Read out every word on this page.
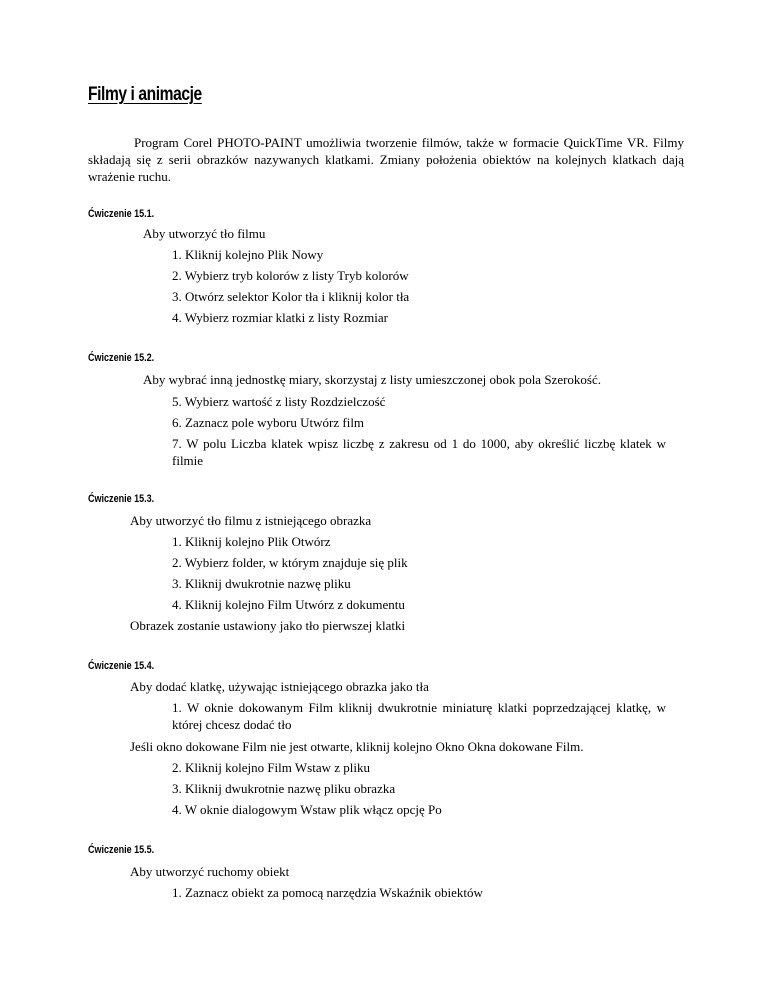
Filmy i animacje
Program Corel PHOTO-PAINT umożliwia tworzenie filmów, także w formacie QuickTime VR. Filmy składają się z serii obrazków nazywanych klatkami. Zmiany położenia obiektów na kolejnych klatkach dają wrażenie ruchu.
Ćwiczenie 15.1.
Aby utworzyć tło filmu
1. Kliknij kolejno Plik Nowy
2. Wybierz tryb kolorów z listy Tryb kolorów
3. Otwórz selektor Kolor tła i kliknij kolor tła
4. Wybierz rozmiar klatki z listy Rozmiar
Ćwiczenie 15.2.
Aby wybrać inną jednostkę miary, skorzystaj z listy umieszczonej obok pola Szerokość.
5. Wybierz wartość z listy Rozdzielczość
6. Zaznacz pole wyboru Utwórz film
7. W polu Liczba klatek wpisz liczbę z zakresu od 1 do 1000, aby określić liczbę klatek w filmie
Ćwiczenie 15.3.
Aby utworzyć tło filmu z istniejącego obrazka
1. Kliknij kolejno Plik Otwórz
2. Wybierz folder, w którym znajduje się plik
3. Kliknij dwukrotnie nazwę pliku
4. Kliknij kolejno Film Utwórz z dokumentu
Obrazek zostanie ustawiony jako tło pierwszej klatki
Ćwiczenie 15.4.
Aby dodać klatkę, używając istniejącego obrazka jako tła
1. W oknie dokowanym Film kliknij dwukrotnie miniaturę klatki poprzedzającej klatkę, w której chcesz dodać tło
Jeśli okno dokowane Film nie jest otwarte, kliknij kolejno Okno Okna dokowane Film.
2. Kliknij kolejno Film Wstaw z pliku
3. Kliknij dwukrotnie nazwę pliku obrazka
4. W oknie dialogowym Wstaw plik włącz opcję Po
Ćwiczenie 15.5.
Aby utworzyć ruchomy obiekt
1. Zaznacz obiekt za pomocą narzędzia Wskaźnik obiektów
